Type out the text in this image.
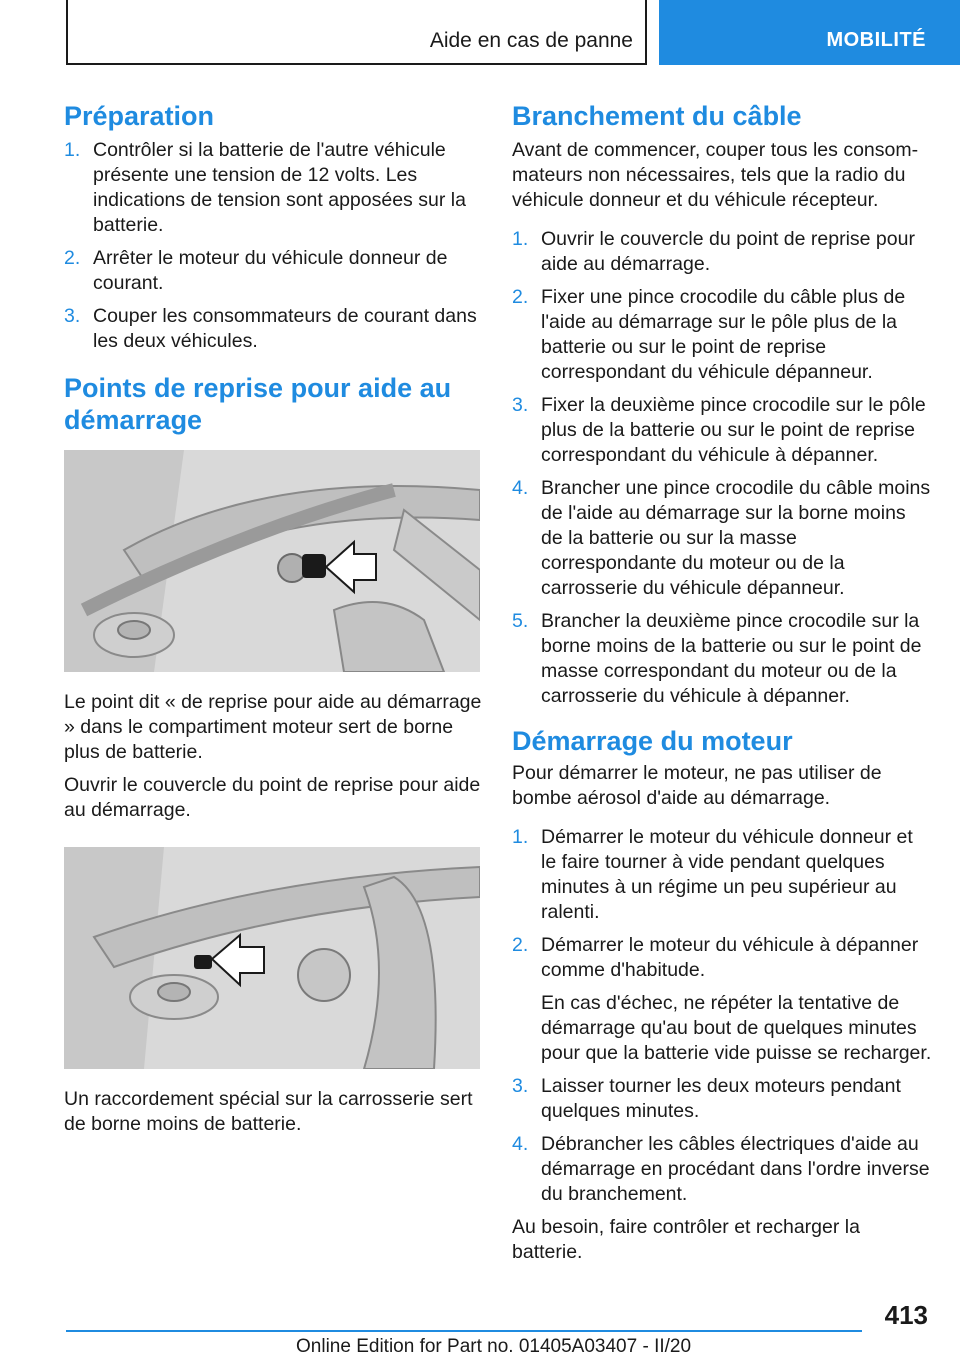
Aide en cas de panne	MOBILITÉ
Préparation
1. Contrôler si la batterie de l'autre véhicule présente une tension de 12 volts. Les indications de tension sont apposées sur la batterie.
2. Arrêter le moteur du véhicule donneur de courant.
3. Couper les consommateurs de courant dans les deux véhicules.
Points de reprise pour aide au démarrage

Le point dit « de reprise pour aide au démarrage » dans le compartiment moteur sert de borne plus de batterie.

Ouvrir le couvercle du point de reprise pour aide au démarrage.

Un raccordement spécial sur la carrosserie sert de borne moins de batterie.

Branchement du câble

Avant de commencer, couper tous les consommateurs non nécessaires, tels que la radio du véhicule donneur et du véhicule récepteur.

1. Ouvrir le couvercle du point de reprise pour aide au démarrage.
2. Fixer une pince crocodile du câble plus de l'aide au démarrage sur le pôle plus de la batterie ou sur le point de reprise correspondant du véhicule dépanneur.
3. Fixer la deuxième pince crocodile sur le pôle plus de la batterie ou sur le point de reprise correspondant du véhicule à dépanner.
4. Brancher une pince crocodile du câble moins de l'aide au démarrage sur la borne moins de la batterie ou sur la masse correspondante du moteur ou de la carrosserie du véhicule dépanneur.
5. Brancher la deuxième pince crocodile sur la borne moins de la batterie ou sur le point de masse correspondant du moteur ou de la carrosserie du véhicule à dépanner.
Démarrage du moteur

Pour démarrer le moteur, ne pas utiliser de bombe aérosol d'aide au démarrage.

1. Démarrer le moteur du véhicule donneur et le faire tourner à vide pendant quelques minutes à un régime un peu supérieur au ralenti.
2. Démarrer le moteur du véhicule à dépanner comme d'habitude.
En cas d'échec, ne répéter la tentative de démarrage qu'au bout de quelques minutes pour que la batterie vide puisse se recharger.
3. Laisser tourner les deux moteurs pendant quelques minutes.
4. Débrancher les câbles électriques d'aide au démarrage en procédant dans l'ordre inverse du branchement.

Au besoin, faire contrôler et recharger la batterie.

413
Online Edition for Part no. 01405A03407 - II/20
